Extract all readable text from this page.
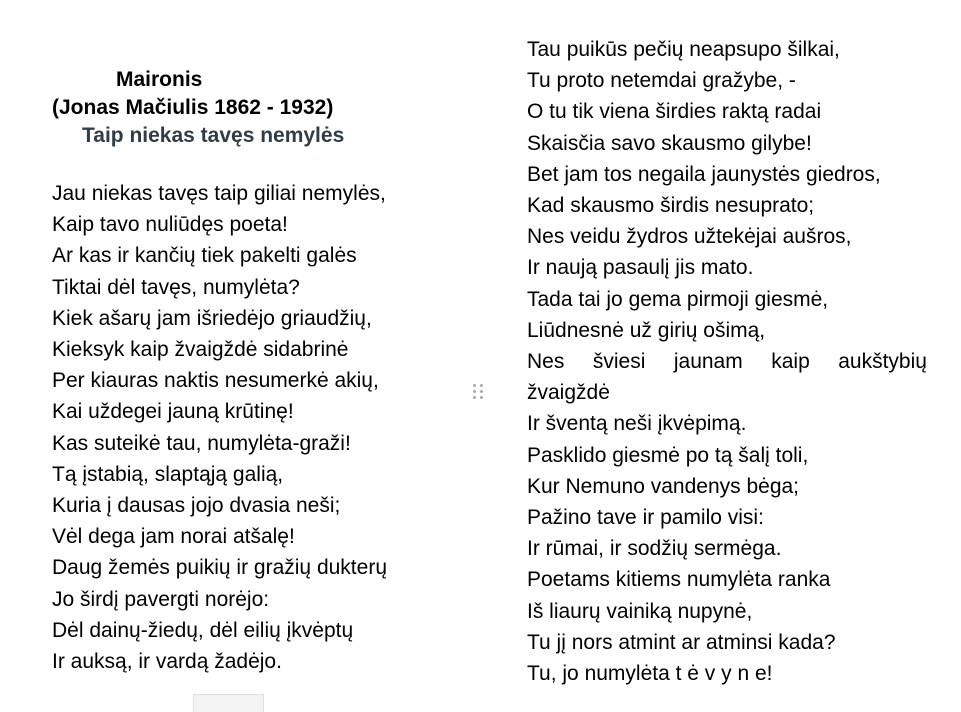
Maironis
(Jonas Mačiulis 1862 - 1932)
Taip niekas tavęs nemylės
Jau niekas tavęs taip giliai nemylės,
Kaip tavo nuliūdęs poeta!
Ar kas ir kančių tiek pakelti galės
Tiktai dėl tavęs, numylėta?
Kiek ašarų jam išriedėjo griaudžių,
Kieksyk kaip žvaigždė sidabrinė
Per kiauras naktis nesumerkė akių,
Kai uždegei jauną krūtinę!
Kas suteikė tau, numylėta-graži!
Tą įstabią, slaptąją galią,
Kuria į dausas jojo dvasia neši;
Vėl dega jam norai atšalę!
Daug žemės puikių ir gražių dukterų
Jo širdį pavergti norėjo:
Dėl dainų-žiedų, dėl eilių įkvėptų
Ir auksą, ir vardą žadėjo.
Tau puikūs pečių neapsupo šilkai,
Tu proto netemdai gražybe, -
O tu tik viena širdies raktą radai
Skaisčia savo skausmo gilybe!
Bet jam tos negaila jaunystės giedros,
Kad skausmo širdis nesuprato;
Nes veidu žydros užtekėjai aušros,
Ir naują pasaulį jis mato.
Tada tai jo gema pirmoji giesmė,
Liūdnesnė už girių ošimą,
Nes šviesi jaunam kaip aukštybių
žvaigždė
Ir šventą neši įkvėpimą.
Pasklido giesmė po tą šalį toli,
Kur Nemuno vandenys bėga;
Pažino tave ir pamilo visi:
Ir rūmai, ir sodžių sermėga.
Poetams kitiems numylėta ranka
Iš liaurų vainiką nupynė,
Tu jį nors atmint ar atminsi kada?
Tu, jo numylėta t ė v y n e!
